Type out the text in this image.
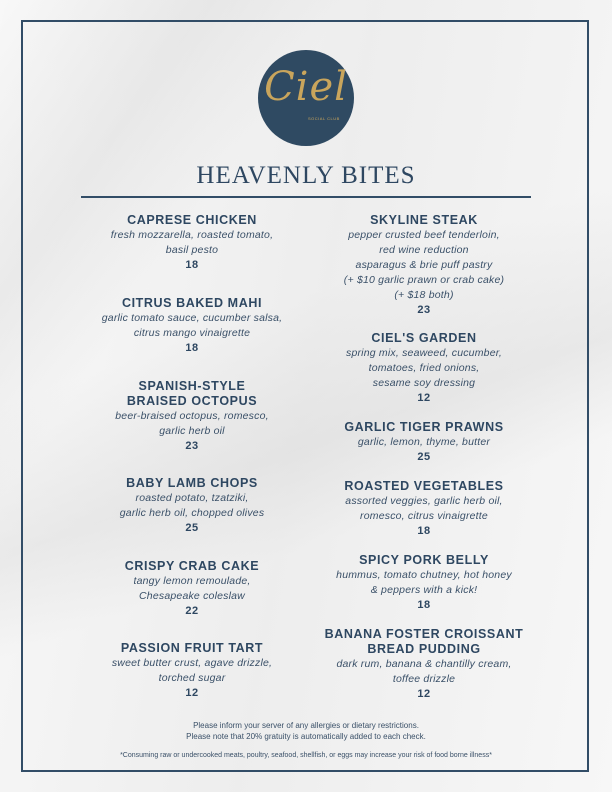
Ciel
SOCIAL CLUB
HEAVENLY BITES
CAPRESE CHICKEN
fresh mozzarella, roasted tomato,
basil pesto
18
CITRUS BAKED MAHI
garlic tomato sauce, cucumber salsa,
citrus mango vinaigrette
18
SPANISH-STYLE
BRAISED OCTOPUS
beer-braised octopus, romesco,
garlic herb oil
23
BABY LAMB CHOPS
roasted potato, tzatziki,
garlic herb oil, chopped olives
25
CRISPY CRAB CAKE
tangy lemon remoulade,
Chesapeake coleslaw
22
PASSION FRUIT TART
sweet butter crust, agave drizzle,
torched sugar
12
SKYLINE STEAK
pepper crusted beef tenderloin,
red wine reduction
asparagus & brie puff pastry
(+ $10 garlic prawn or crab cake)
(+ $18 both)
23
CIEL'S GARDEN
spring mix, seaweed, cucumber,
tomatoes, fried onions,
sesame soy dressing
12
GARLIC TIGER PRAWNS
garlic, lemon, thyme, butter
25
ROASTED VEGETABLES
assorted veggies, garlic herb oil,
romesco, citrus vinaigrette
18
SPICY PORK BELLY
hummus, tomato chutney, hot honey
& peppers with a kick!
18
BANANA FOSTER CROISSANT
BREAD PUDDING
dark rum, banana & chantilly cream,
toffee drizzle
12
Please inform your server of any allergies or dietary restrictions.
Please note that 20% gratuity is automatically added to each check.
*Consuming raw or undercooked meats, poultry, seafood, shellfish, or eggs may increase your risk of food borne illness*
